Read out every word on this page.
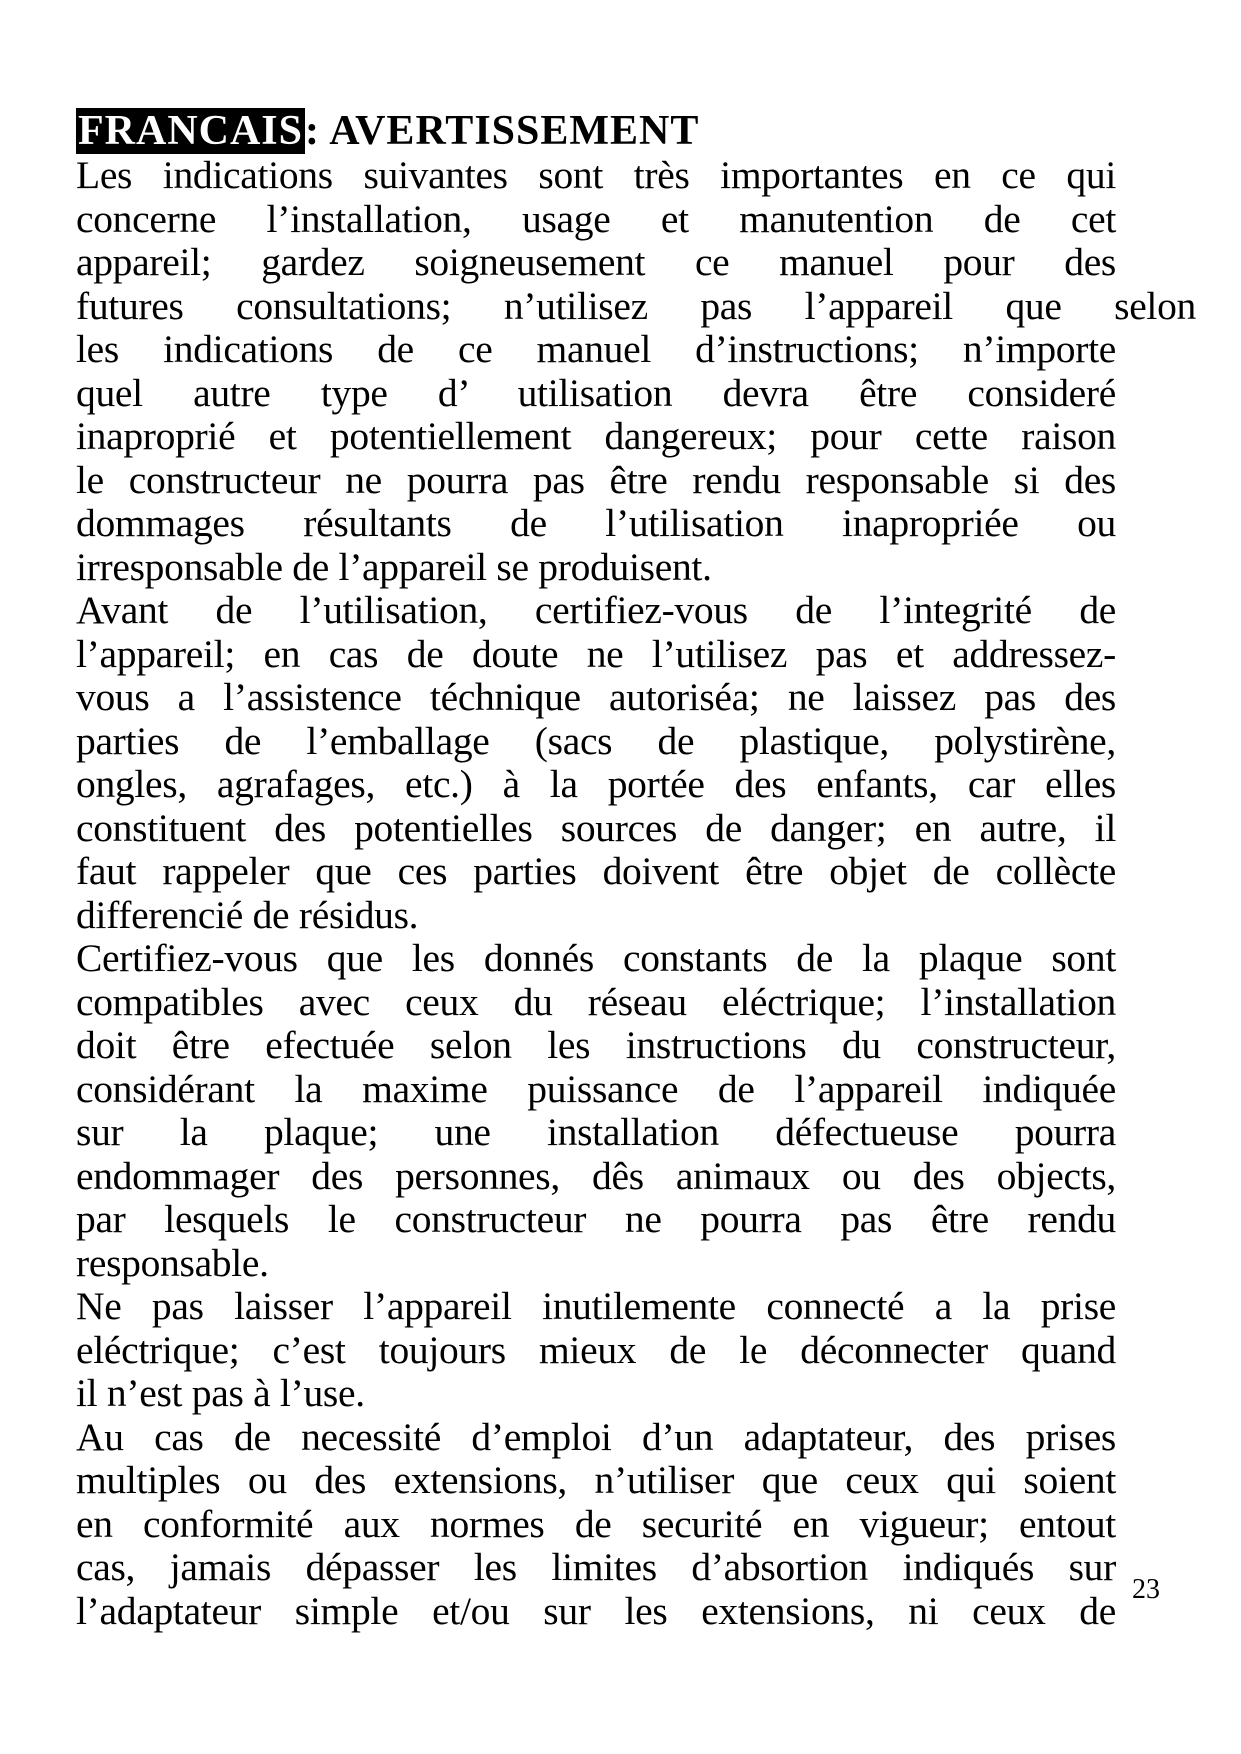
FRANCAIS: AVERTISSEMENT
Les indications suivantes sont très importantes en ce qui
concerne l’installation, usage et manutention de cet
appareil; gardez soigneusement ce manuel pour des
futures consultations; n’utilisez pas l’appareil que selon
les indications de ce manuel d’instructions; n’importe
quel autre type d’ utilisation devra être consideré
inaproprié et potentiellement dangereux; pour cette raison
le constructeur ne pourra pas être rendu responsable si des
dommages résultants de l’utilisation inapropriée ou
irresponsable de l’appareil se produisent.
Avant de l’utilisation, certifiez-vous de l’integrité de
l’appareil; en cas de doute ne l’utilisez pas et addressez-
vous a l’assistence téchnique autoriséa; ne laissez pas des
parties de l’emballage (sacs de plastique, polystirène,
ongles, agrafages, etc.) à la portée des enfants, car elles
constituent des potentielles sources de danger; en autre, il
faut rappeler que ces parties doivent être objet de collècte
differencié de résidus.
Certifiez-vous que les donnés constants de la plaque sont
compatibles avec ceux du réseau eléctrique; l’installation
doit être efectuée selon les instructions du constructeur,
considérant la maxime puissance de l’appareil indiquée
sur la plaque; une installation défectueuse pourra
endommager des personnes, dês animaux ou des objects,
par lesquels le constructeur ne pourra pas être rendu
responsable.
Ne pas laisser l’appareil inutilemente connecté a la prise
eléctrique; c’est toujours mieux de le déconnecter quand
il n’est pas à l’use.
Au cas de necessité d’emploi d’un adaptateur, des prises
multiples ou des extensions, n’utiliser que ceux qui soient
en conformité aux normes de securité en vigueur; entout
cas, jamais dépasser les limites d’absortion indiqués sur
l’adaptateur simple et/ou sur les extensions, ni ceux de 23
